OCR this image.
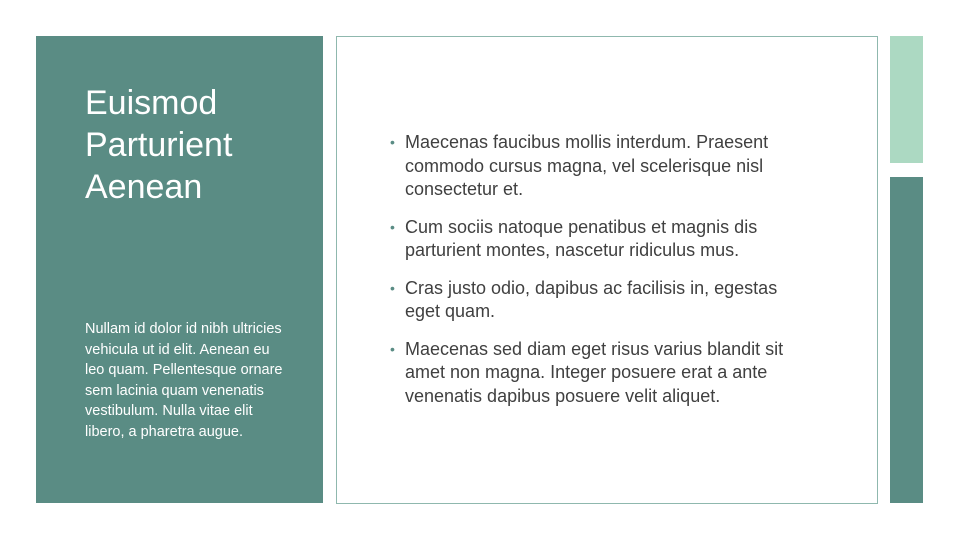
Euismod
Parturient
Aenean
Nullam id dolor id nibh ultricies vehicula ut id elit. Aenean eu leo quam. Pellentesque ornare sem lacinia quam venenatis vestibulum. Nulla vitae elit libero, a pharetra augue.
• Maecenas faucibus mollis interdum. Praesent commodo cursus magna, vel scelerisque nisl consectetur et.
• Cum sociis natoque penatibus et magnis dis parturient montes, nascetur ridiculus mus.
• Cras justo odio, dapibus ac facilisis in, egestas eget quam.
• Maecenas sed diam eget risus varius blandit sit amet non magna. Integer posuere erat a ante venenatis dapibus posuere velit aliquet.
